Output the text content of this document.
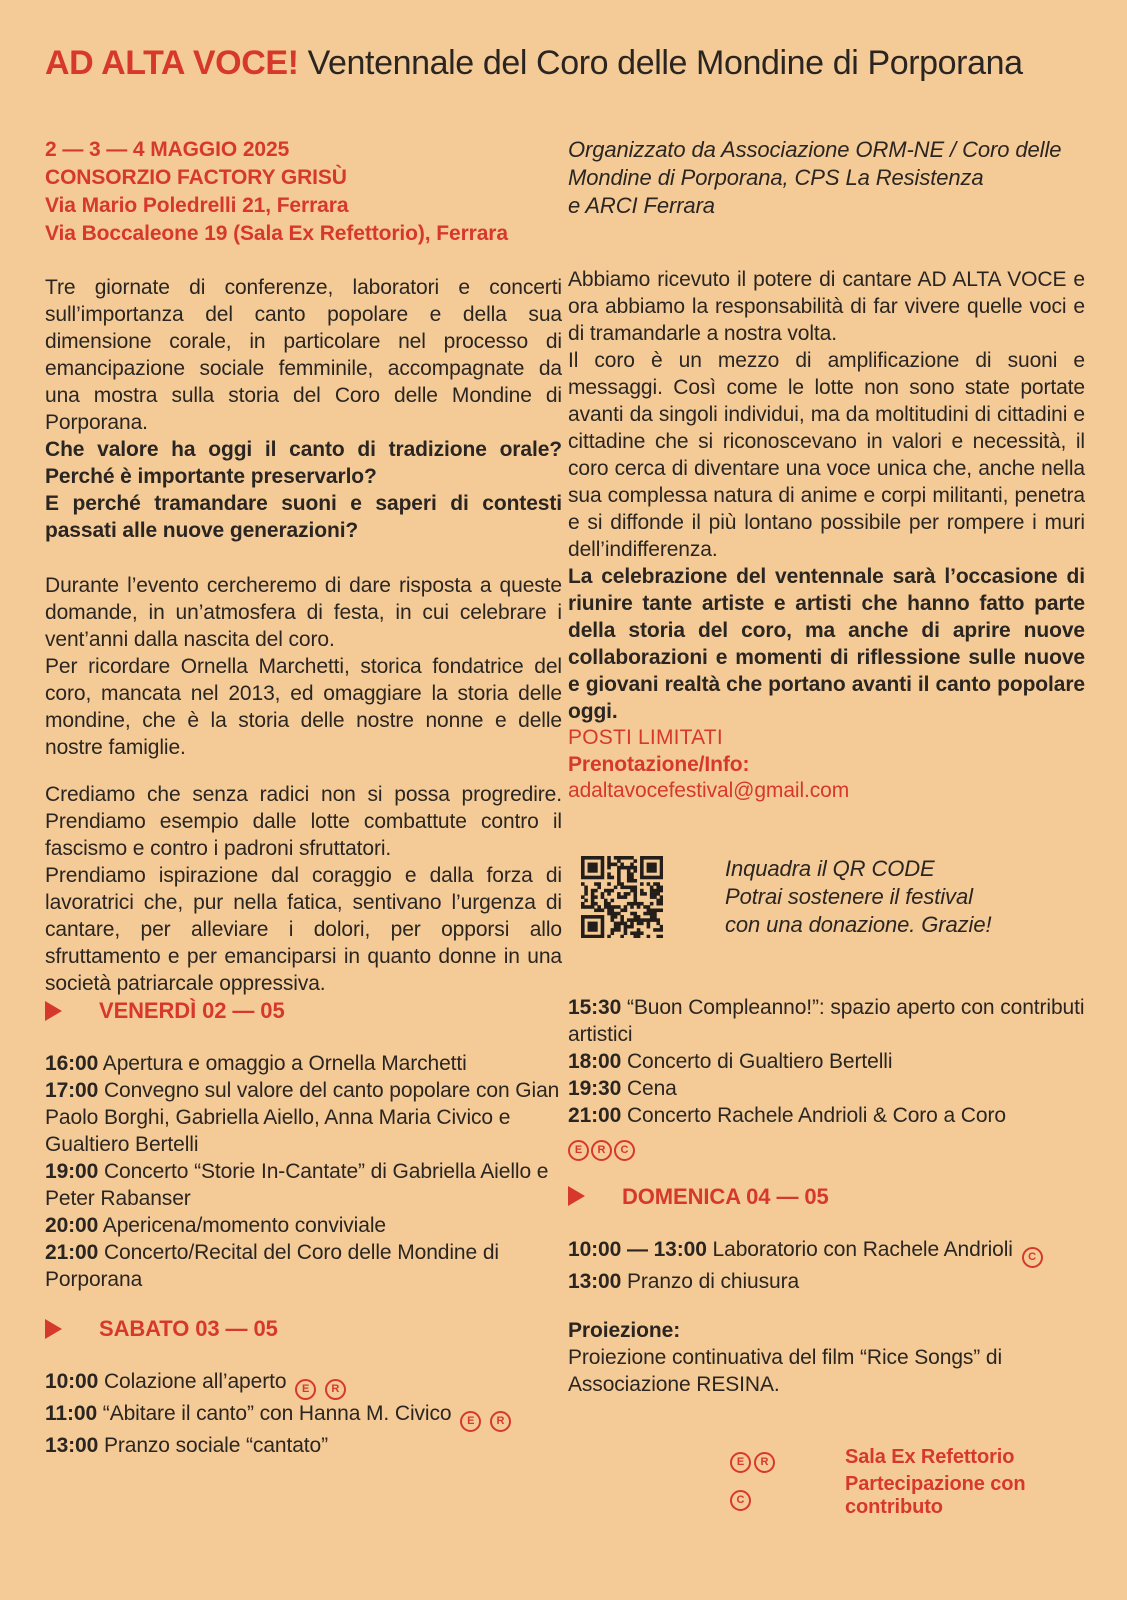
AD ALTA VOCE! Ventennale del Coro delle Mondine di Porporana
2 — 3 — 4 MAGGIO 2025
CONSORZIO FACTORY GRISÙ
Via Mario Poledrelli 21, Ferrara
Via Boccaleone 19 (Sala Ex Refettorio), Ferrara

Tre giornate di conferenze, laboratori e concerti sull’importanza del canto popolare e della sua dimensione corale, in particolare nel processo di emancipazione sociale femminile, accompagnate da una mostra sulla storia del Coro delle Mondine di Porporana.

Che valore ha oggi il canto di tradizione orale? Perché è importante preservarlo?

E perché tramandare suoni e saperi di contesti passati alle nuove generazioni?

Durante l’evento cercheremo di dare risposta a queste domande, in un’atmosfera di festa, in cui celebrare i vent’anni dalla nascita del coro.

Per ricordare Ornella Marchetti, storica fondatrice del coro, mancata nel 2013, ed omaggiare la storia delle mondine, che è la storia delle nostre nonne e delle nostre famiglie.

Crediamo che senza radici non si possa progredire. Prendiamo esempio dalle lotte combattute contro il fascismo e contro i padroni sfruttatori.

Prendiamo ispirazione dal coraggio e dalla forza di lavoratrici che, pur nella fatica, sentivano l’urgenza di cantare, per alleviare i dolori, per opporsi allo sfruttamento e per emanciparsi in quanto donne in una società patriarcale oppressiva.

VENERDÌ 02 — 05

16:00 Apertura e omaggio a Ornella Marchetti

17:00 Convegno sul valore del canto popolare con Gian Paolo Borghi, Gabriella Aiello, Anna Maria Civico e Gualtiero Bertelli

19:00 Concerto “Storie In-Cantate” di Gabriella Aiello e Peter Rabanser

20:00 Apericena/momento conviviale

21:00 Concerto/Recital del Coro delle Mondine di Porporana

SABATO 03 — 05

10:00 Colazione all’aperto E R

11:00 “Abitare il canto” con Hanna M. Civico E R

13:00 Pranzo sociale “cantato”

Organizzato da Associazione ORM-NE / Coro delle
Mondine di Porporana, CPS La Resistenza
e ARCI Ferrara

Abbiamo ricevuto il potere di cantare AD ALTA VOCE e ora abbiamo la responsabilità di far vivere quelle voci e di tramandarle a nostra volta.

Il coro è un mezzo di amplificazione di suoni e messaggi. Così come le lotte non sono state portate avanti da singoli individui, ma da moltitudini di cittadini e cittadine che si riconoscevano in valori e necessità, il coro cerca di diventare una voce unica che, anche nella sua complessa natura di anime e corpi militanti, penetra e si diffonde il più lontano possibile per rompere i muri dell’indifferenza.

La celebrazione del ventennale sarà l’occasione di riunire tante artiste e artisti che hanno fatto parte della storia del coro, ma anche di aprire nuove collaborazioni e momenti di riflessione sulle nuove e giovani realtà che portano avanti il canto popolare oggi.

POSTI LIMITATI
Prenotazione/Info:
adaltavocefestival@gmail.com
Inquadra il QR CODE
Potrai sostenere il festival
con una donazione. Grazie!

15:30 “Buon Compleanno!”: spazio aperto con contributi artistici

18:00 Concerto di Gualtiero Bertelli

19:30 Cena

21:00 Concerto Rachele Andrioli & Coro a Coro

E R C

DOMENICA 04 — 05

10:00 — 13:00 Laboratorio con Rachele Andrioli C

13:00 Pranzo di chiusura

Proiezione:

Proiezione continuativa del film “Rice Songs” di Associazione RESINA.

E R	Sala Ex Refettorio
C
Partecipazione con contributo
